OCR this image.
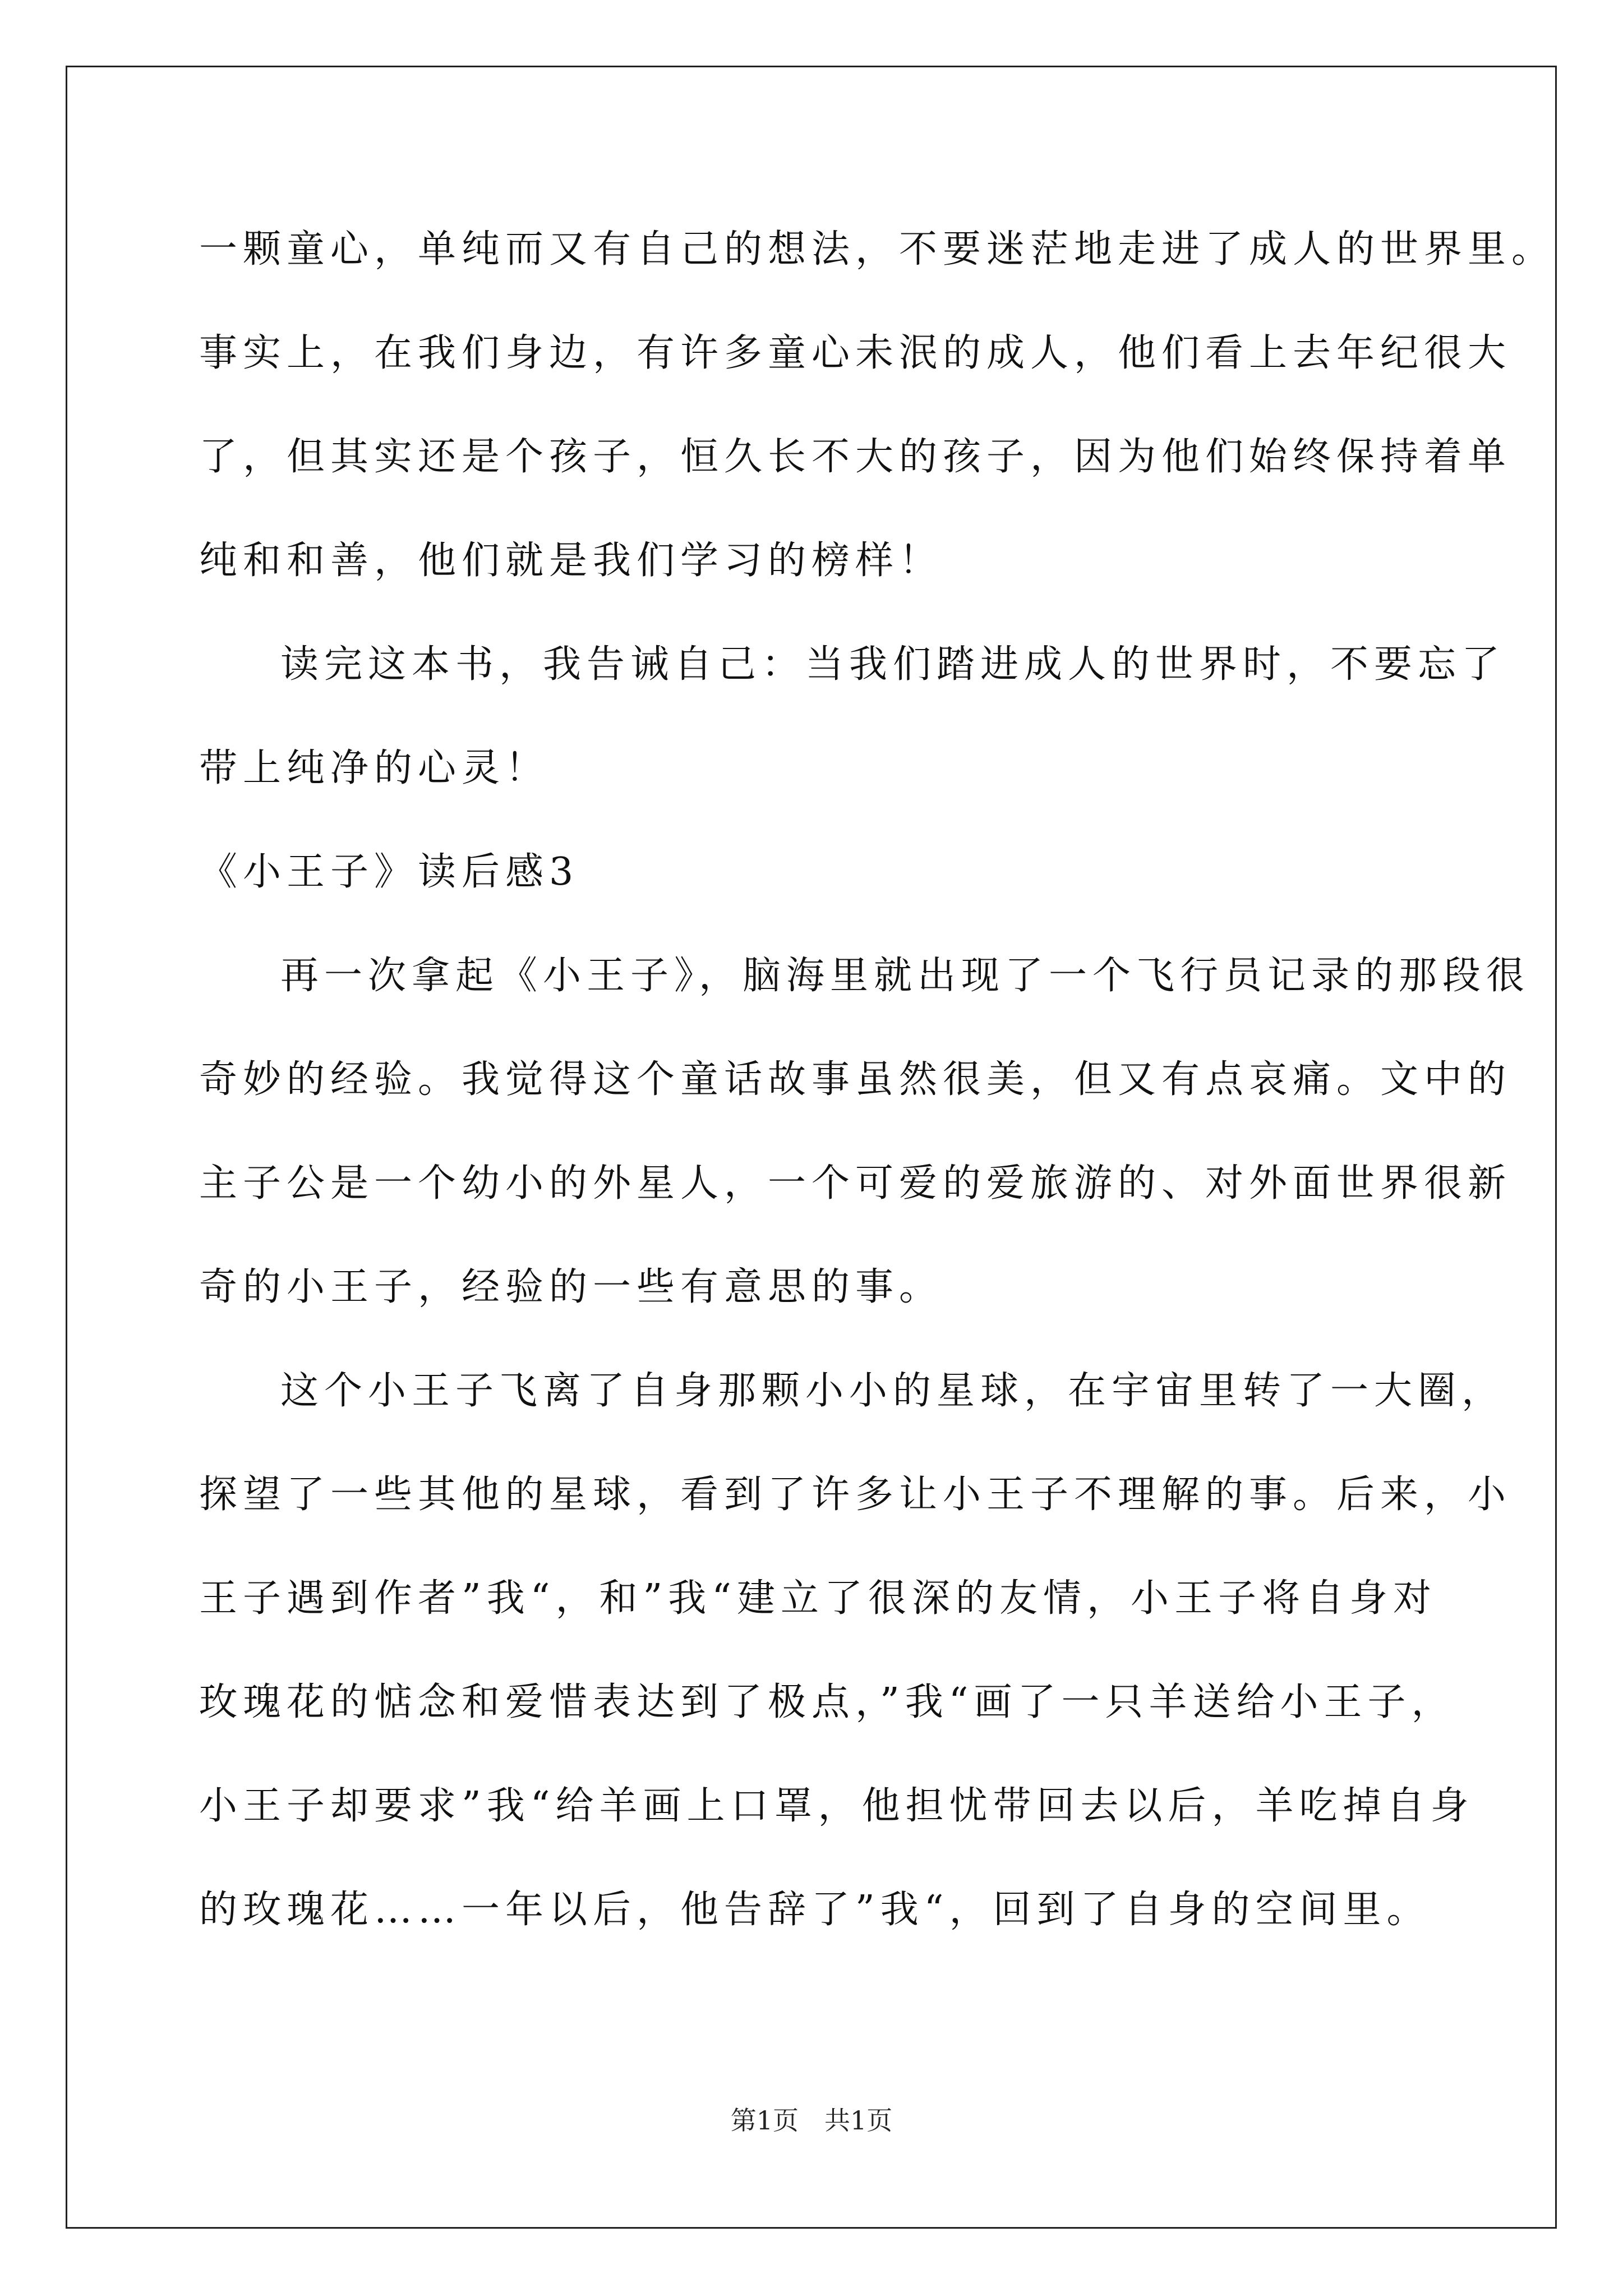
一颗童心，单纯而又有自己的想法，不要迷茫地走进了成人的世界里。
事实上，在我们身边，有许多童心未泯的成人，他们看上去年纪很大
了，但其实还是个孩子，恒久长不大的孩子，因为他们始终保持着单
纯和和善，他们就是我们学习的榜样！
读完这本书，我告诫自己：当我们踏进成人的世界时，不要忘了
带上纯净的心灵！
《小王子》读后感3
再一次拿起《小王子》，脑海里就出现了一个飞行员记录的那段很
奇妙的经验。我觉得这个童话故事虽然很美，但又有点哀痛。文中的
主子公是一个幼小的外星人，一个可爱的爱旅游的、对外面世界很新
奇的小王子，经验的一些有意思的事。
这个小王子飞离了自身那颗小小的星球，在宇宙里转了一大圈，
探望了一些其他的星球，看到了许多让小王子不理解的事。后来，小
王子遇到作者”我“，和”我“建立了很深的友情，小王子将自身对
玫瑰花的惦念和爱惜表达到了极点，”我“画了一只羊送给小王子，
小王子却要求”我“给羊画上口罩，他担忧带回去以后，羊吃掉自身
的玫瑰花……一年以后，他告辞了”我“，回到了自身的空间里。
第1页　共1页
